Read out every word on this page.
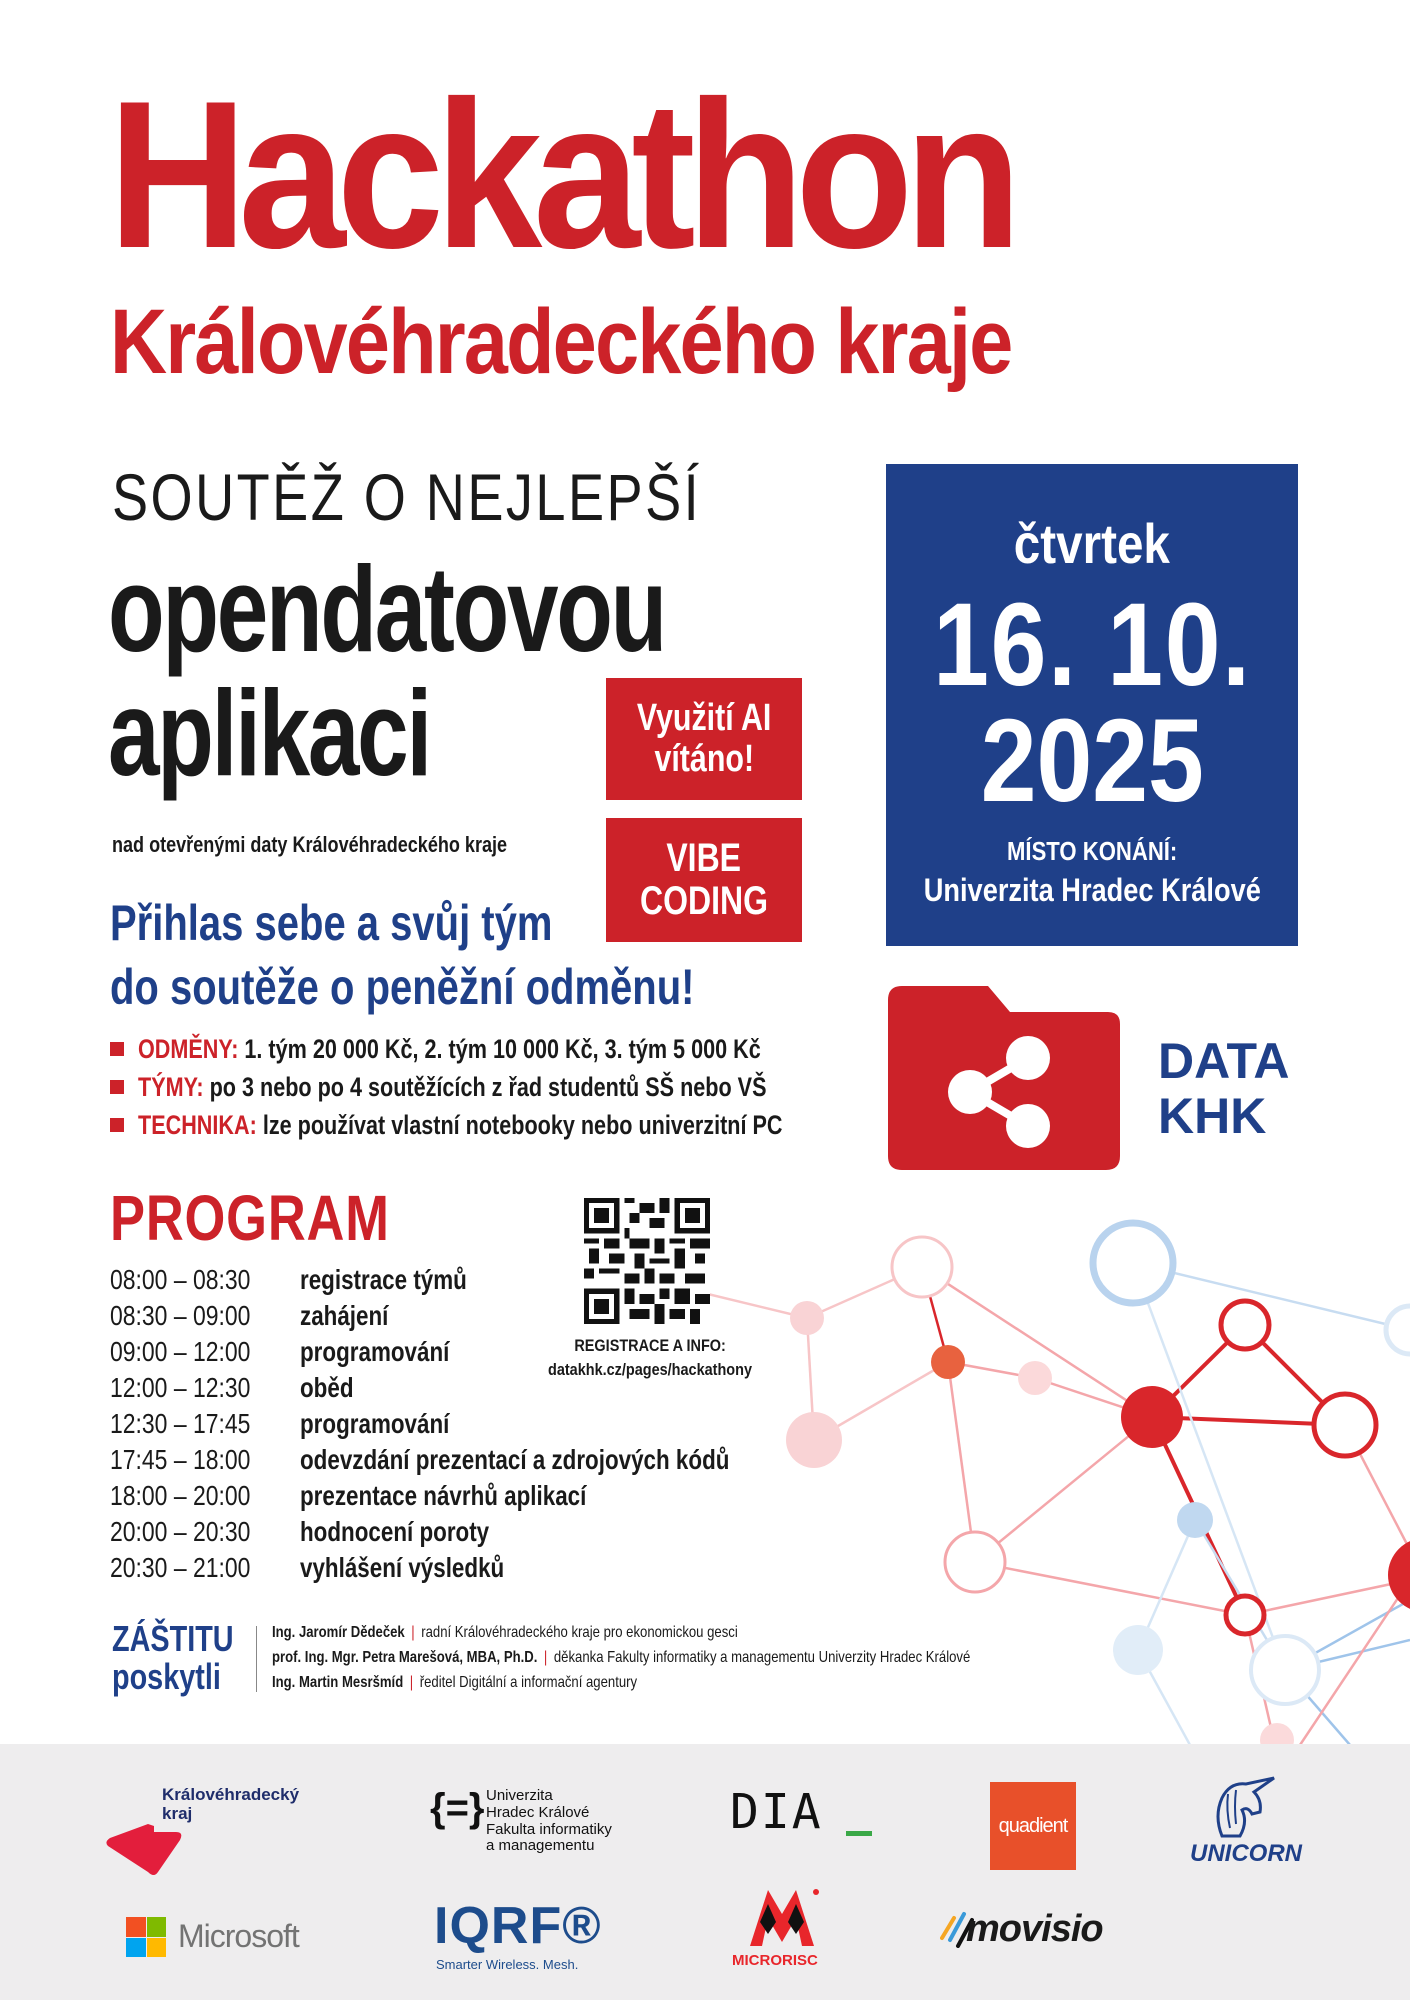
Hackathon
Královéhradeckého kraje
SOUTĚŽ O NEJLEPŠÍ
opendatovou
aplikaci
nad otevřenými daty Královéhradeckého kraje
Využití AI
vítáno!
VIBE
CODING
Přihlas sebe a svůj tým
do soutěže o peněžní odměnu!
ODMĚNY: 1. tým 20 000 Kč, 2. tým 10 000 Kč, 3. tým 5 000 Kč
TÝMY: po 3 nebo po 4 soutěžících z řad studentů SŠ nebo VŠ
TECHNIKA: lze používat vlastní notebooky nebo univerzitní PC
čtvrtek
16. 10.
2025
MÍSTO KONÁNÍ:
Univerzita Hradec Králové
DATA
KHK
PROGRAM
08:00 – 08:30	registrace týmů
08:30 – 09:00	zahájení
09:00 – 12:00	programování
12:00 – 12:30	oběd
12:30 – 17:45	programování
17:45 – 18:00	odevzdání prezentací a zdrojových kódů
18:00 – 20:00	prezentace návrhů aplikací
20:00 – 20:30	hodnocení poroty
20:30 – 21:00	vyhlášení výsledků
REGISTRACE A INFO:
datakhk.cz/pages/hackathony
ZÁŠTITU
poskytli
Ing. Jaromír Dědeček | radní Královéhradeckého kraje pro ekonomickou gesci
prof. Ing. Mgr. Petra Marešová, MBA, Ph.D. | děkanka Fakulty informatiky a managementu Univerzity Hradec Králové
Ing. Martin Mesršmíd | ředitel Digitální a informační agentury
Královéhradecký
kraj	{=} Univerzita
Hradec Králové
Fakulta informatiky
a managementu
DIA	quadient
UNICORN
Microsoft	IQRF®
Smarter Wireless. Mesh.	MICRORISC
movisio
